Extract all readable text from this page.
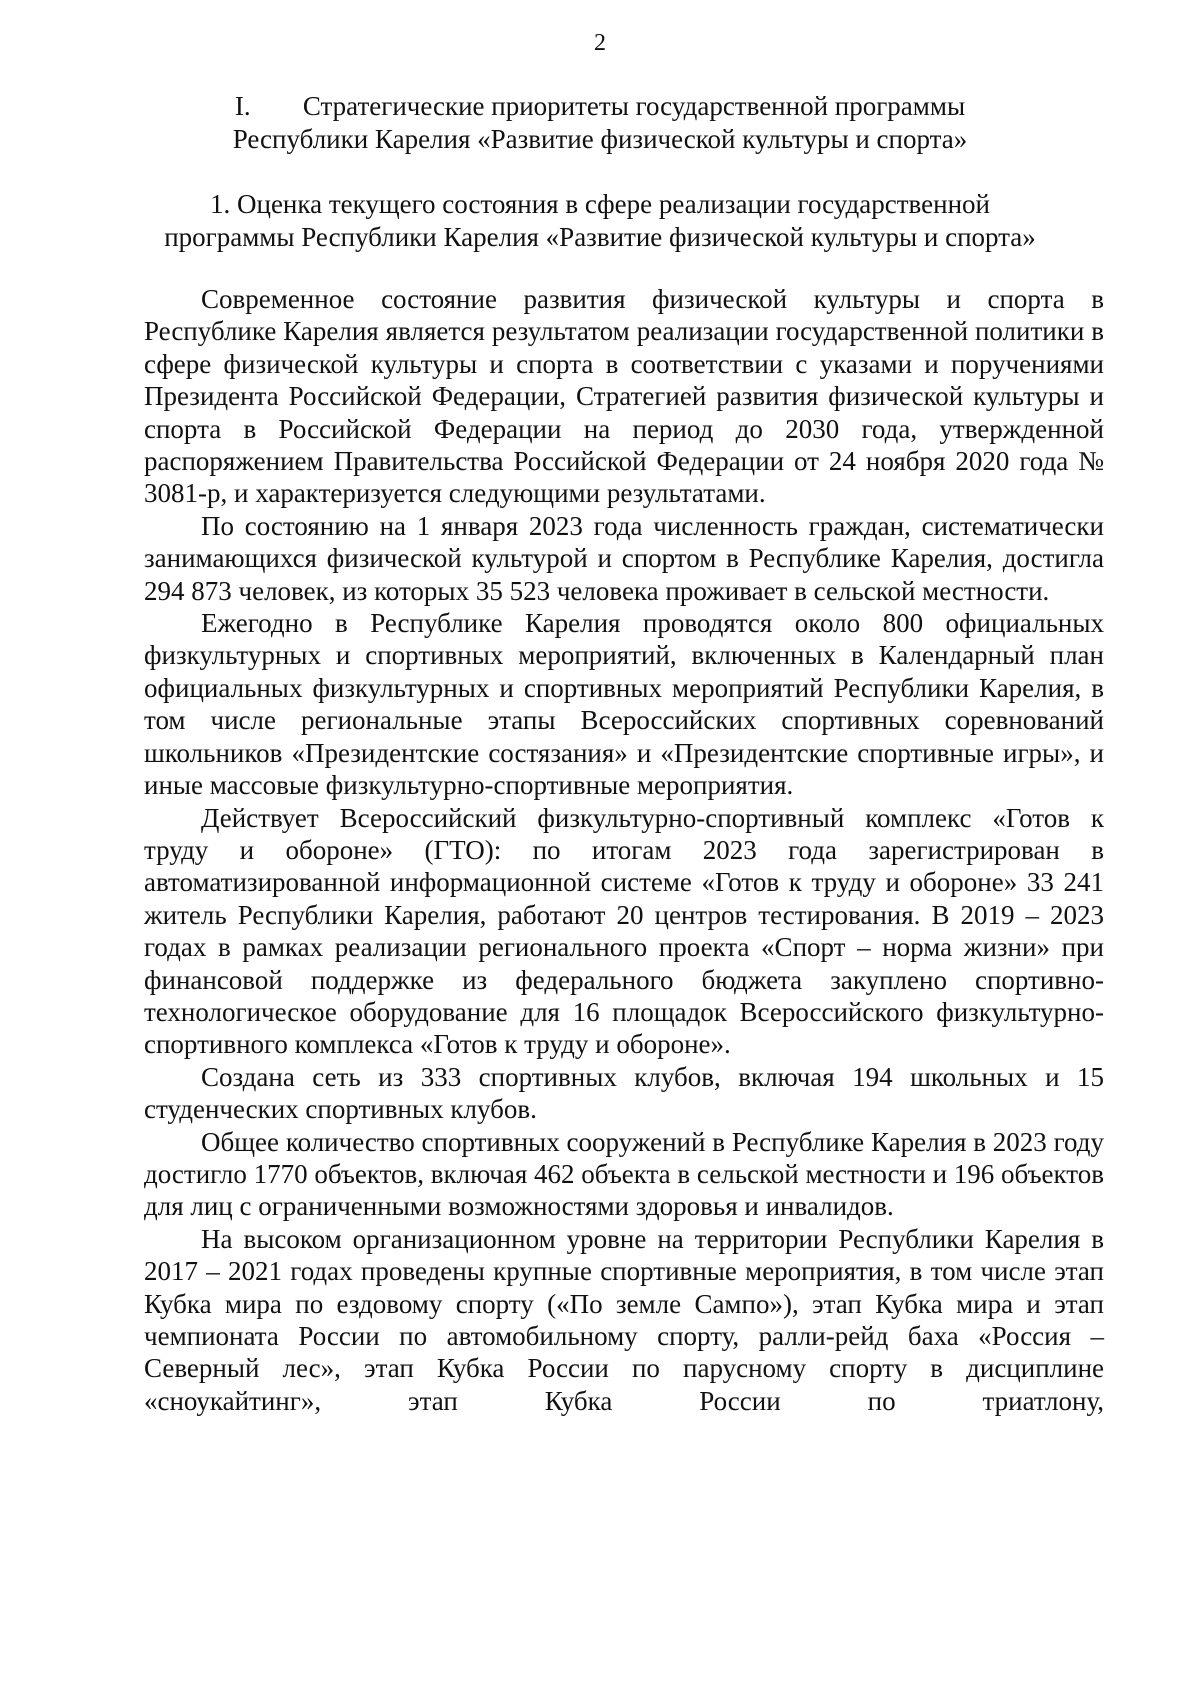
2
I. Стратегические приоритеты государственной программы
Республики Карелия «Развитие физической культуры и спорта»
1. Оценка текущего состояния в сфере реализации государственной
программы Республики Карелия «Развитие физической культуры и спорта»

Современное состояние развития физической культуры и спорта в Республике Карелия является результатом реализации государственной политики в сфере физической культуры и спорта в соответствии с указами и поручениями Президента Российской Федерации, Стратегией развития физической культуры и спорта в Российской Федерации на период до 2030 года, утвержденной распоряжением Правительства Российской Федерации от 24 ноября 2020 года № 3081-р, и характеризуется следующими результатами.

По состоянию на 1 января 2023 года численность граждан, систематически занимающихся физической культурой и спортом в Республике Карелия, достигла 294 873 человек, из которых 35 523 человека проживает в сельской местности.

Ежегодно в Республике Карелия проводятся около 800 официальных физкультурных и спортивных мероприятий, включенных в Календарный план официальных физкультурных и спортивных мероприятий Республики Карелия, в том числе региональные этапы Всероссийских спортивных соревнований школьников «Президентские состязания» и «Президентские спортивные игры», и иные массовые физкультурно-спортивные мероприятия.

Действует Всероссийский физкультурно-спортивный комплекс «Готов к труду и обороне» (ГТО): по итогам 2023 года зарегистрирован в автоматизированной информационной системе «Готов к труду и обороне» 33 241 житель Республики Карелия, работают 20 центров тестирования. В 2019 – 2023 годах в рамках реализации регионального проекта «Спорт – норма жизни» при финансовой поддержке из федерального бюджета закуплено спортивно-технологическое оборудование для 16 площадок Всероссийского физкультурно-спортивного комплекса «Готов к труду и обороне».

Создана сеть из 333 спортивных клубов, включая 194 школьных и 15 студенческих спортивных клубов.

Общее количество спортивных сооружений в Республике Карелия в 2023 году достигло 1770 объектов, включая 462 объекта в сельской местности и 196 объектов для лиц с ограниченными возможностями здоровья и инвалидов.

На высоком организационном уровне на территории Республики Карелия в 2017 – 2021 годах проведены крупные спортивные мероприятия, в том числе этап Кубка мира по ездовому спорту («По земле Сампо»), этап Кубка мира и этап чемпионата России по автомобильному спорту, ралли-рейд баха «Россия – Северный лес», этап Кубка России по парусному спорту в дисциплине «сноукайтинг», этап Кубка России по триатлону,
